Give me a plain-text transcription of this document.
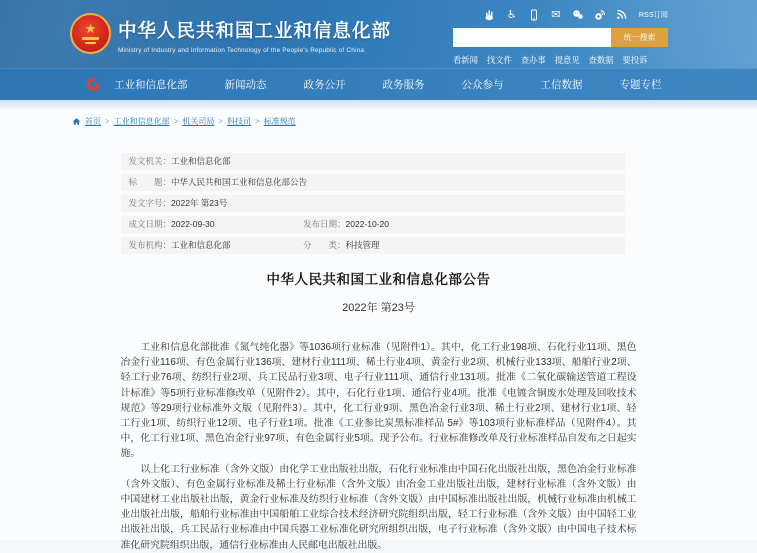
★ 中华人民共和国工业和信息化部
Ministry of Industry and Information Technology of the People's Republic of China
♿	✉	RSS订阅
统一搜索
看新闻 找文件 查办事 提意见 查数据 要投诉
工业和信息化部	新闻动态	政务公开	政务服务	公众参与	工信数据	专题专栏
首页 > 工业和信息化部 > 机关司局 > 科技司 > 标准规范
发文机关： 工业和信息化部
标　　题： 中华人民共和国工业和信息化部公告
发文字号： 2022年 第23号
成文日期： 2022-09-30	发布日期： 2022-10-20
发布机构： 工业和信息化部	分　　类： 科技管理
中华人民共和国工业和信息化部公告
2022年 第23号

工业和信息化部批准《氮气纯化器》等1036项行业标准（见附件1）。其中，化工行业198项、石化行业11项、黑色冶金行业116项、有色金属行业136项、建材行业111项、稀土行业4项、黄金行业2项、机械行业133项、船舶行业2项、轻工行业76项、纺织行业2项、兵工民品行业3项、电子行业111项、通信行业131项。批准《二氧化碳输送管道工程设计标准》等5项行业标准修改单（见附件2）。其中，石化行业1项、通信行业4项。批准《电镀含铜废水处理及回收技术规范》等29项行业标准外文版（见附件3）。其中，化工行业9项、黑色冶金行业3项、稀土行业2项、建材行业1项、轻工行业1项、纺织行业12项、电子行业1项。批准《工业参比炭黑标准样品 5#》等103项行业标准样品（见附件4）。其中，化工行业1项、黑色冶金行业97项、有色金属行业5项。现予公布。行业标准修改单及行业标准样品自发布之日起实施。

以上化工行业标准（含外文版）由化学工业出版社出版，石化行业标准由中国石化出版社出版，黑色冶金行业标准（含外文版）、有色金属行业标准及稀土行业标准（含外文版）由冶金工业出版社出版，建材行业标准（含外文版）由中国建材工业出版社出版，黄金行业标准及纺织行业标准（含外文版）由中国标准出版社出版，机械行业标准由机械工业出版社出版，船舶行业标准由中国船舶工业综合技术经济研究院组织出版，轻工行业标准（含外文版）由中国轻工业出版社出版，兵工民品行业标准由中国兵器工业标准化研究所组织出版，电子行业标准（含外文版）由中国电子技术标准化研究院组织出版，通信行业标准由人民邮电出版社出版。
